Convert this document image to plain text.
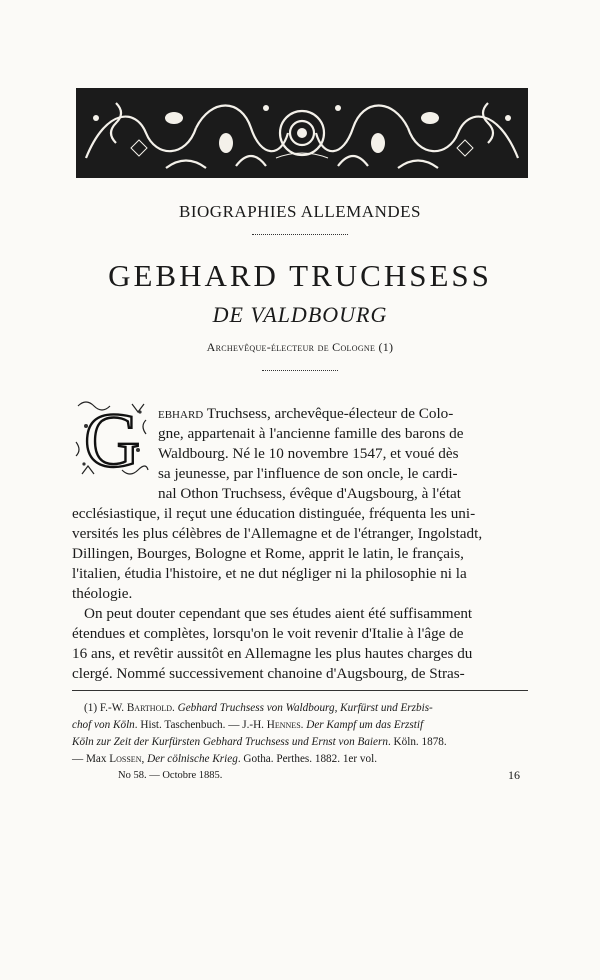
BIOGRAPHIES ALLEMANDES
GEBHARD TRUCHSESS
DE VALDBOURG
Archevêque-électeur de Cologne (1)
G ebhard Truchsess, archevêque-électeur de Colo-
gne, appartenait à l'ancienne famille des barons de
Waldbourg. Né le 10 novembre 1547, et voué dès
sa jeunesse, par l'influence de son oncle, le cardi-
nal Othon Truchsess, évêque d'Augsbourg, à l'état
ecclésiastique, il reçut une éducation distinguée, fréquenta les uni-
versités les plus célèbres de l'Allemagne et de l'étranger, Ingolstadt,
Dillingen, Bourges, Bologne et Rome, apprit le latin, le français,
l'italien, étudia l'histoire, et ne dut négliger ni la philosophie ni la
théologie.
On peut douter cependant que ses études aient été suffisamment
étendues et complètes, lorsqu'on le voit revenir d'Italie à l'âge de
16 ans, et revêtir aussitôt en Allemagne les plus hautes charges du
clergé. Nommé successivement chanoine d'Augsbourg, de Stras-
(1) F.-W. Barthold. Gebhard Truchsess von Waldbourg, Kurfürst und Erzbis-
chof von Köln. Hist. Taschenbuch. — J.-H. Hennes. Der Kampf um das Erzstif
Köln zur Zeit der Kurfürsten Gebhard Truchsess und Ernst von Baiern. Köln. 1878.
— Max Lossen, Der cölnische Krieg. Gotha. Perthes. 1882. 1er vol.
No 58. — Octobre 1885.	16
